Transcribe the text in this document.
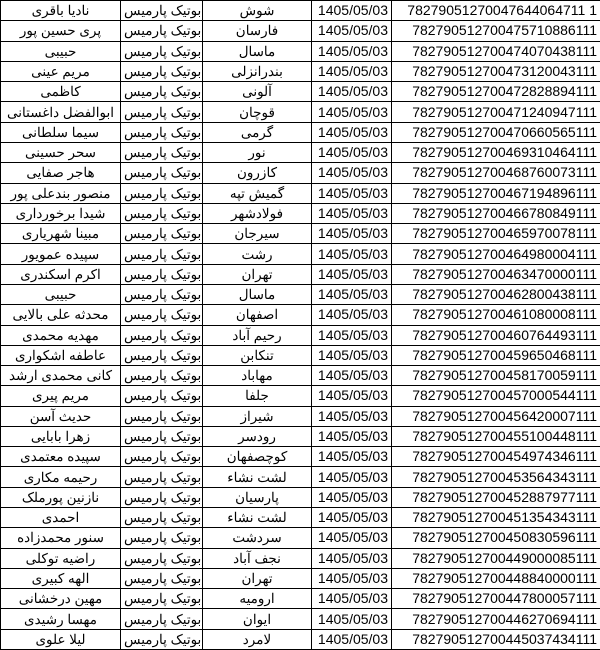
نادیا باقری	بوتیک پارمیس	شوش	1405/05/03	78279051270047644064711 1
پری حسین پور	بوتیک پارمیس	فارسان	1405/05/03	782790512700475710886111
حبیبی	بوتیک پارمیس	ماسال	1405/05/03	782790512700474070438111
مریم عینی	بوتیک پارمیس	بندرانزلی	1405/05/03	782790512700473120043111
کاظمی	بوتیک پارمیس	آلونی	1405/05/03	782790512700472828894111
ابوالفضل داغستانی	بوتیک پارمیس	قوچان	1405/05/03	782790512700471240947111
سیما سلطانی	بوتیک پارمیس	گرمی	1405/05/03	782790512700470660565111
سحر حسینی	بوتیک پارمیس	نور	1405/05/03	782790512700469310464111
هاجر صفایی	بوتیک پارمیس	کازرون	1405/05/03	782790512700468760073111
منصور بندعلی پور	بوتیک پارمیس	گمیش تپه	1405/05/03	782790512700467194896111
شیدا برخورداری	بوتیک پارمیس	فولادشهر	1405/05/03	782790512700466780849111
مبینا شهریاری	بوتیک پارمیس	سیرجان	1405/05/03	782790512700465970078111
سپیده عمویور	بوتیک پارمیس	رشت	1405/05/03	782790512700464980004111
اکرم اسکندری	بوتیک پارمیس	تهران	1405/05/03	782790512700463470000111
حبیبی	بوتیک پارمیس	ماسال	1405/05/03	782790512700462800438111
محدثه علی بالایی	بوتیک پارمیس	اصفهان	1405/05/03	782790512700461080008111
مهدیه محمدی	بوتیک پارمیس	رحیم آباد	1405/05/03	782790512700460764493111
عاطفه اشکواری	بوتیک پارمیس	تنکابن	1405/05/03	782790512700459650468111
کانی محمدی ارشد	بوتیک پارمیس	مهاباد	1405/05/03	782790512700458170059111
مریم پیری	بوتیک پارمیس	جلفا	1405/05/03	782790512700457000544111
حدیث آسن	بوتیک پارمیس	شیراز	1405/05/03	782790512700456420007111
زهرا بابایی	بوتیک پارمیس	رودسر	1405/05/03	782790512700455100448111
سپیده معتمدی	بوتیک پارمیس	کوچصفهان	1405/05/03	782790512700454974346111
رحیمه مکاری	بوتیک پارمیس	لشت نشاء	1405/05/03	782790512700453564343111
نازنین پورملک	بوتیک پارمیس	پارسیان	1405/05/03	782790512700452887977111
احمدی	بوتیک پارمیس	لشت نشاء	1405/05/03	782790512700451354343111
سنور محمدزاده	بوتیک پارمیس	سردشت	1405/05/03	782790512700450830596111
راضیه توکلی	بوتیک پارمیس	نجف آباد	1405/05/03	782790512700449000085111
الهه کبیری	بوتیک پارمیس	تهران	1405/05/03	782790512700448840000111
مهین درخشانی	بوتیک پارمیس	ارومیه	1405/05/03	782790512700447800057111
مهسا رشیدی	بوتیک پارمیس	ایوان	1405/05/03	782790512700446270694111
لیلا علوی	بوتیک پارمیس	لامرد	1405/05/03	782790512700445037434111
